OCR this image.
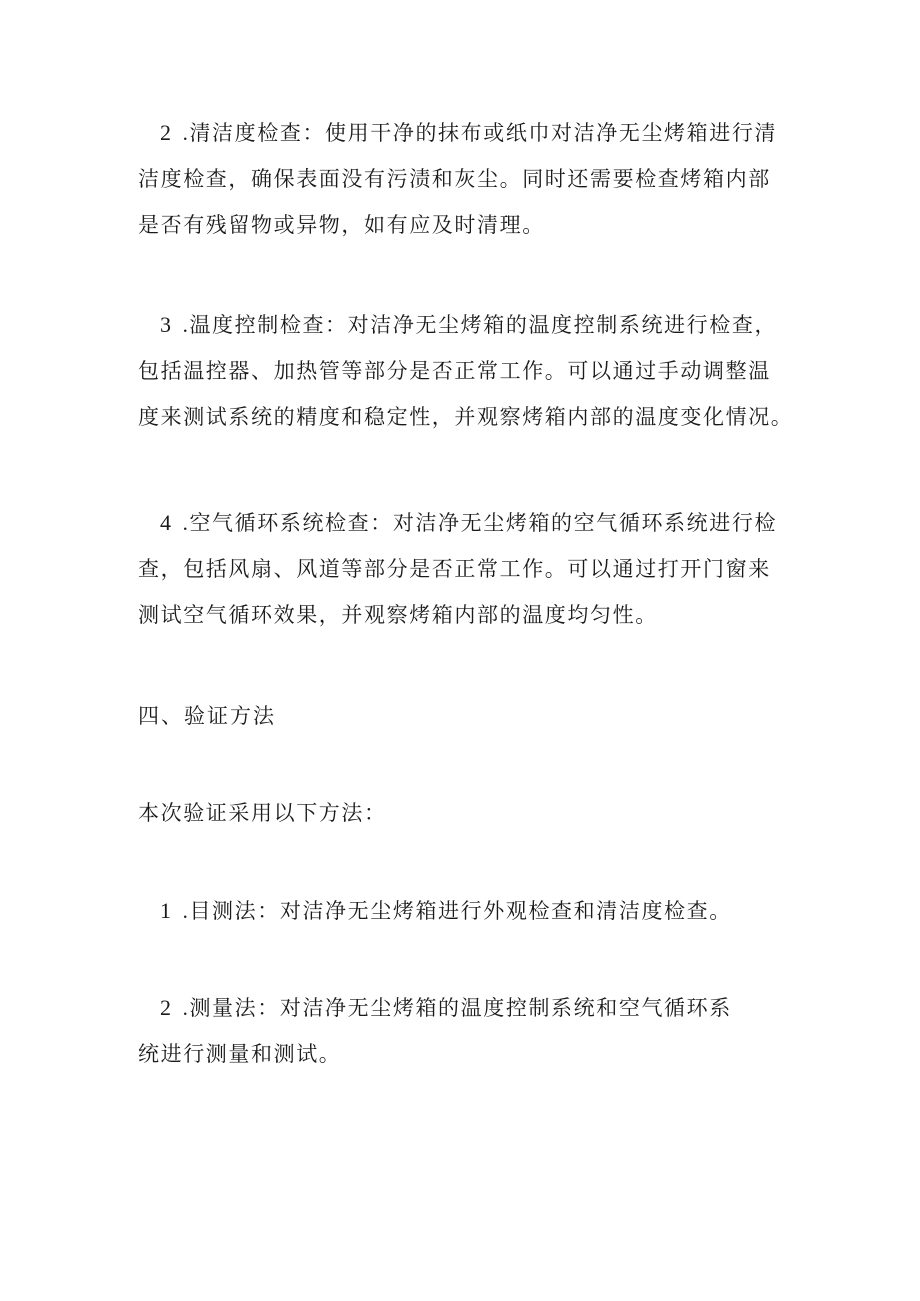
2 .清洁度检查：使用干净的抹布或纸巾对洁净无尘烤箱进行清
洁度检查，确保表面没有污渍和灰尘。同时还需要检查烤箱内部
是否有残留物或异物，如有应及时清理。
3 .温度控制检查：对洁净无尘烤箱的温度控制系统进行检查，
包括温控器、加热管等部分是否正常工作。可以通过手动调整温
度来测试系统的精度和稳定性，并观察烤箱内部的温度变化情况。
4 .空气循环系统检查：对洁净无尘烤箱的空气循环系统进行检
查，包括风扇、风道等部分是否正常工作。可以通过打开门窗来
测试空气循环效果，并观察烤箱内部的温度均匀性。
四、验证方法
本次验证采用以下方法：
1 .目测法：对洁净无尘烤箱进行外观检查和清洁度检查。
2 .测量法：对洁净无尘烤箱的温度控制系统和空气循环系
统进行测量和测试。
